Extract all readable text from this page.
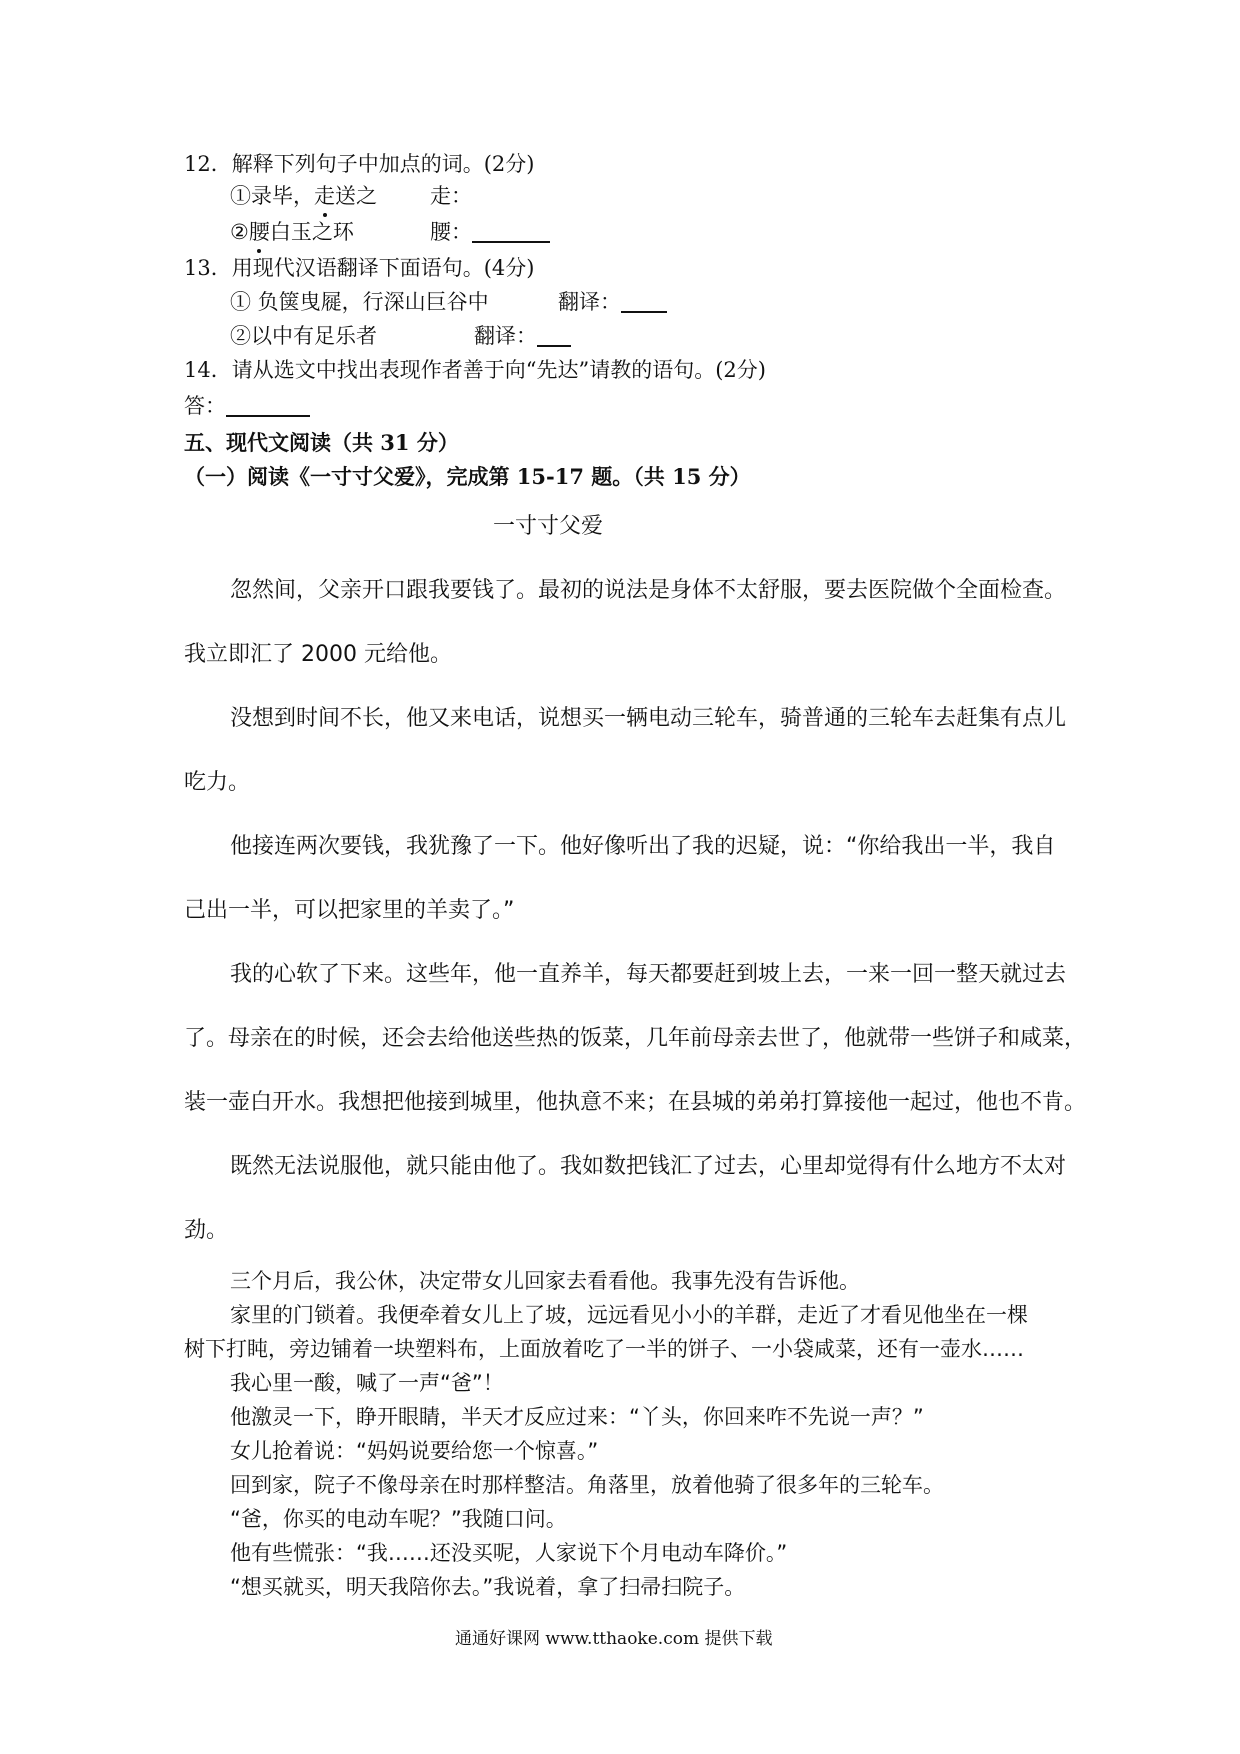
12．解释下列句子中加点的词。(2分)
①录毕，走
送之	走：
②腰
白玉之环	腰：
13．用现代汉语翻译下面语句。(4分)
① 负箧曳屣，行深山巨谷中	翻译：
②以中有足乐者	翻译：
14．请从选文中找出表现作者善于向“先达”请教的语句。(2分)
答：
五、现代文阅读（共 31 分）
（一）阅读《一寸寸父爱》，完成第 15-17 题。（共 15 分）
一寸寸父爱
忽然间，父亲开口跟我要钱了。最初的说法是身体不太舒服，要去医院做个全面检查。
我立即汇了 2000 元给他。
没想到时间不长，他又来电话，说想买一辆电动三轮车，骑普通的三轮车去赶集有点儿
吃力。
他接连两次要钱，我犹豫了一下。他好像听出了我的迟疑，说：“你给我出一半，我自
己出一半，可以把家里的羊卖了。”
我的心软了下来。这些年，他一直养羊，每天都要赶到坡上去，一来一回一整天就过去
了。母亲在的时候，还会去给他送些热的饭菜，几年前母亲去世了，他就带一些饼子和咸菜，
装一壶白开水。我想把他接到城里，他执意不来；在县城的弟弟打算接他一起过，他也不肯。
既然无法说服他，就只能由他了。我如数把钱汇了过去，心里却觉得有什么地方不太对
劲。
三个月后，我公休，决定带女儿回家去看看他。我事先没有告诉他。
家里的门锁着。我便牵着女儿上了坡，远远看见小小的羊群，走近了才看见他坐在一棵
树下打盹，旁边铺着一块塑料布，上面放着吃了一半的饼子、一小袋咸菜，还有一壶水……
我心里一酸，喊了一声“爸”！
他激灵一下，睁开眼睛，半天才反应过来：“丫头，你回来咋不先说一声？”
女儿抢着说：“妈妈说要给您一个惊喜。”
回到家，院子不像母亲在时那样整洁。角落里，放着他骑了很多年的三轮车。
“爸，你买的电动车呢？”我随口问。
他有些慌张：“我……还没买呢，人家说下个月电动车降价。”
“想买就买，明天我陪你去。”我说着，拿了扫帚扫院子。
通通好课网 www.tthaoke.com 提供下载
